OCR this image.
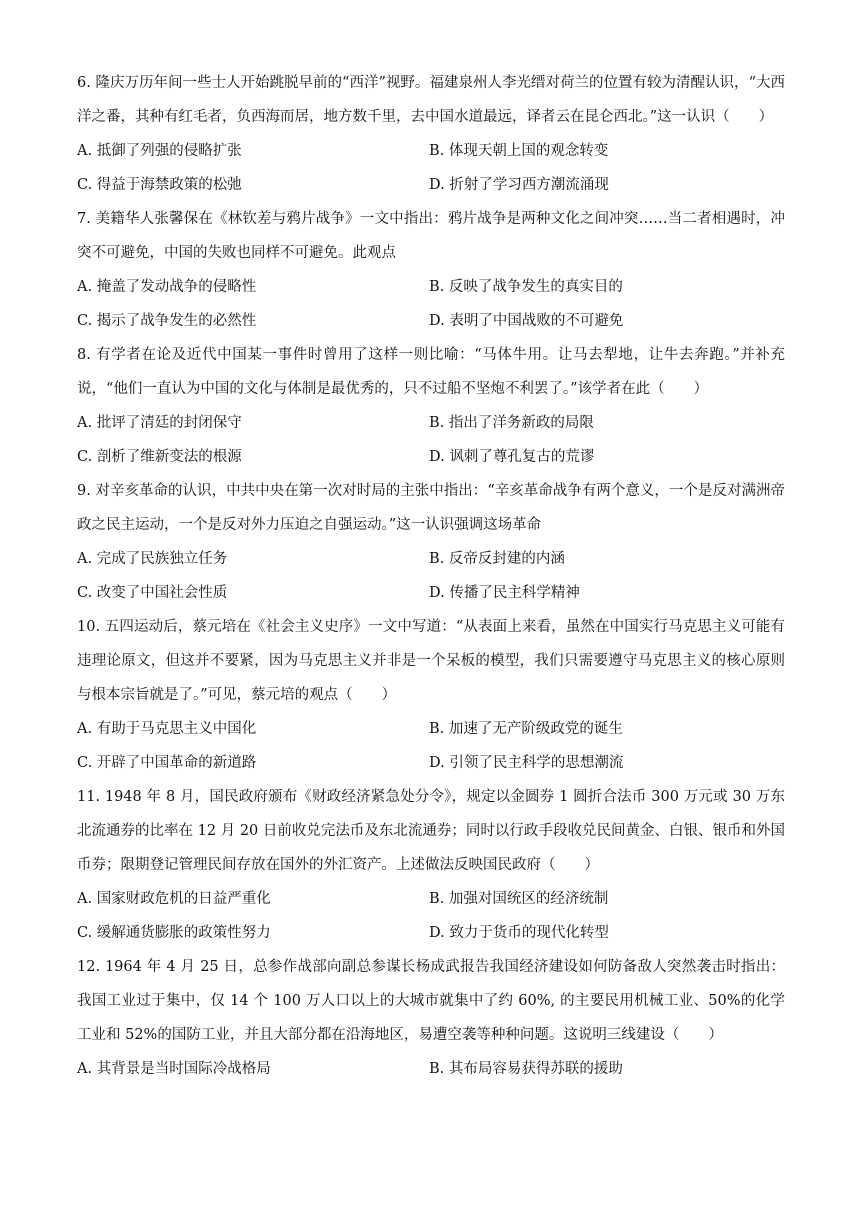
6. 隆庆万历年间一些士人开始跳脱早前的“西洋”视野。福建泉州人李光缙对荷兰的位置有较为清醒认识，“大西洋之番，其种有红毛者，负西海而居，地方数千里，去中国水道最远，译者云在昆仑西北。”这一认识（　　）

A. 抵御了列强的侵略扩张	B. 体现天朝上国的观念转变
C. 得益于海禁政策的松弛	D. 折射了学习西方潮流涌现

7. 美籍华人张馨保在《林钦差与鸦片战争》一文中指出：鸦片战争是两种文化之间冲突……当二者相遇时，冲突不可避免，中国的失败也同样不可避免。此观点

A. 掩盖了发动战争的侵略性	B. 反映了战争发生的真实目的
C. 揭示了战争发生的必然性	D. 表明了中国战败的不可避免

8. 有学者在论及近代中国某一事件时曾用了这样一则比喻：“马体牛用。让马去犁地，让牛去奔跑。”并补充说，“他们一直认为中国的文化与体制是最优秀的，只不过船不坚炮不利罢了。”该学者在此（　　）

A. 批评了清廷的封闭保守	B. 指出了洋务新政的局限
C. 剖析了维新变法的根源	D. 讽刺了尊孔复古的荒谬

9. 对辛亥革命的认识，中共中央在第一次对时局的主张中指出：“辛亥革命战争有两个意义，一个是反对满洲帝政之民主运动，一个是反对外力压迫之自强运动。”这一认识强调这场革命

A. 完成了民族独立任务	B. 反帝反封建的内涵
C. 改变了中国社会性质	D. 传播了民主科学精神

10. 五四运动后，蔡元培在《社会主义史序》一文中写道：“从表面上来看，虽然在中国实行马克思主义可能有违理论原文，但这并不要紧，因为马克思主义并非是一个呆板的模型，我们只需要遵守马克思主义的核心原则与根本宗旨就是了。”可见，蔡元培的观点（　　）

A. 有助于马克思主义中国化	B. 加速了无产阶级政党的诞生
C. 开辟了中国革命的新道路	D. 引领了民主科学的思想潮流

11. 1948 年 8 月，国民政府颁布《财政经济紧急处分令》，规定以金圆券 1 圆折合法币 300 万元或 30 万东北流通券的比率在 12 月 20 日前收兑完法币及东北流通券；同时以行政手段收兑民间黄金、白银、银币和外国币券；限期登记管理民间存放在国外的外汇资产。上述做法反映国民政府（　　）

A. 国家财政危机的日益严重化	B. 加强对国统区的经济统制
C. 缓解通货膨胀的政策性努力	D. 致力于货币的现代化转型

12. 1964 年 4 月 25 日，总参作战部向副总参谋长杨成武报告我国经济建设如何防备敌人突然袭击时指出：我国工业过于集中，仅 14 个 100 万人口以上的大城市就集中了约 60%, 的主要民用机械工业、50%的化学工业和 52%的国防工业，并且大部分都在沿海地区，易遭空袭等种种问题。这说明三线建设（　　）

A. 其背景是当时国际冷战格局	B. 其布局容易获得苏联的援助
